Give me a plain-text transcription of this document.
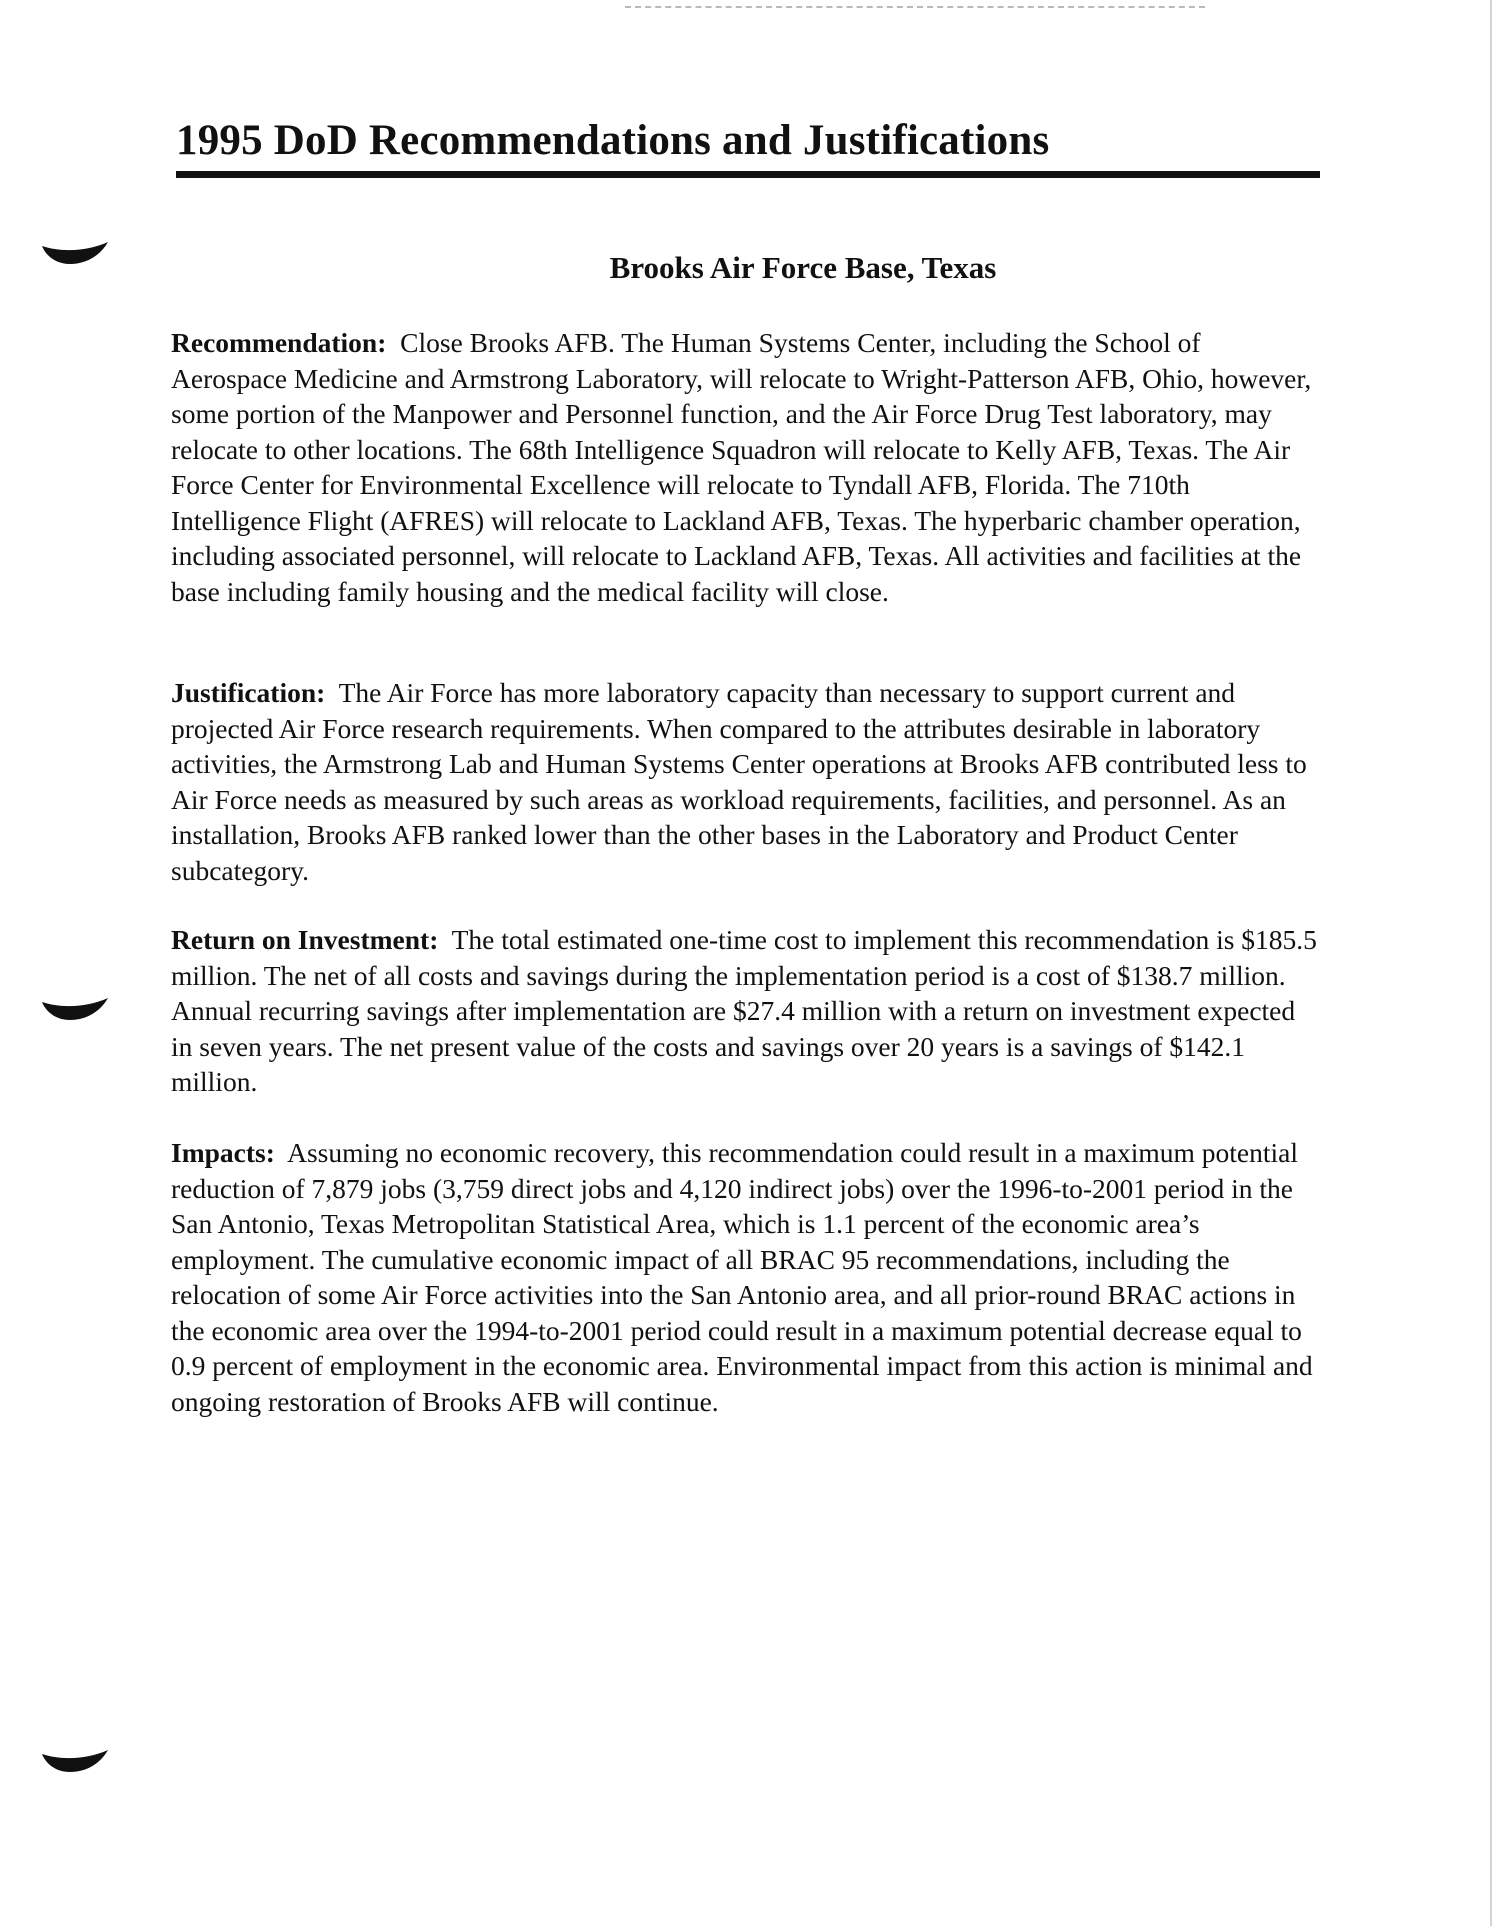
1995 DoD Recommendations and Justifications
Brooks Air Force Base, Texas

Recommendation: Close Brooks AFB. The Human Systems Center, including the School of Aerospace Medicine and Armstrong Laboratory, will relocate to Wright-Patterson AFB, Ohio, however, some portion of the Manpower and Personnel function, and the Air Force Drug Test laboratory, may relocate to other locations. The 68th Intelligence Squadron will relocate to Kelly AFB, Texas. The Air Force Center for Environmental Excellence will relocate to Tyndall AFB, Florida. The 710th Intelligence Flight (AFRES) will relocate to Lackland AFB, Texas. The hyperbaric chamber operation, including associated personnel, will relocate to Lackland AFB, Texas. All activities and facilities at the base including family housing and the medical facility will close.

Justification: The Air Force has more laboratory capacity than necessary to support current and projected Air Force research requirements. When compared to the attributes desirable in laboratory activities, the Armstrong Lab and Human Systems Center operations at Brooks AFB contributed less to Air Force needs as measured by such areas as workload requirements, facilities, and personnel. As an installation, Brooks AFB ranked lower than the other bases in the Laboratory and Product Center subcategory.

Return on Investment: The total estimated one-time cost to implement this recommendation is $185.5 million. The net of all costs and savings during the implementation period is a cost of $138.7 million. Annual recurring savings after implementation are $27.4 million with a return on investment expected in seven years. The net present value of the costs and savings over 20 years is a savings of $142.1 million.

Impacts: Assuming no economic recovery, this recommendation could result in a maximum potential reduction of 7,879 jobs (3,759 direct jobs and 4,120 indirect jobs) over the 1996-to-2001 period in the San Antonio, Texas Metropolitan Statistical Area, which is 1.1 percent of the economic area’s employment. The cumulative economic impact of all BRAC 95 recommendations, including the relocation of some Air Force activities into the San Antonio area, and all prior-round BRAC actions in the economic area over the 1994-to-2001 period could result in a maximum potential decrease equal to 0.9 percent of employment in the economic area. Environmental impact from this action is minimal and ongoing restoration of Brooks AFB will continue.
